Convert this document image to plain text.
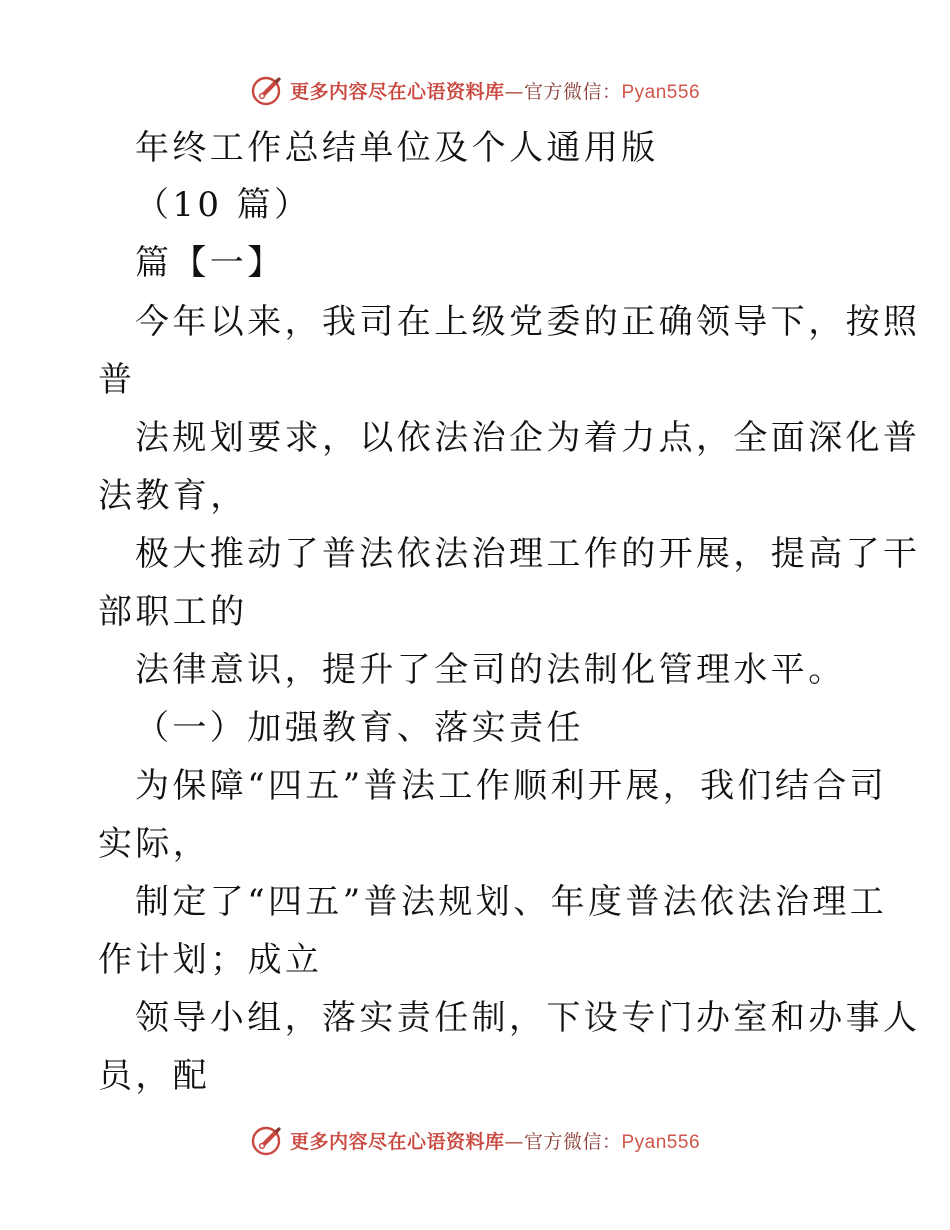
更多内容尽在心语资料库—官方微信：Pyan556
年终工作总结单位及个人通用版
（10 篇）
篇【一】
今年以来，我司在上级党委的正确领导下，按照
普
法规划要求，以依法治企为着力点，全面深化普
法教育，
极大推动了普法依法治理工作的开展，提高了干
部职工的
法律意识，提升了全司的法制化管理水平。
（一）加强教育、落实责任
为保障“四五”普法工作顺利开展，我们结合司
实际，
制定了“四五”普法规划、年度普法依法治理工
作计划；成立
领导小组，落实责任制，下设专门办室和办事人
员，配
更多内容尽在心语资料库—官方微信：Pyan556
